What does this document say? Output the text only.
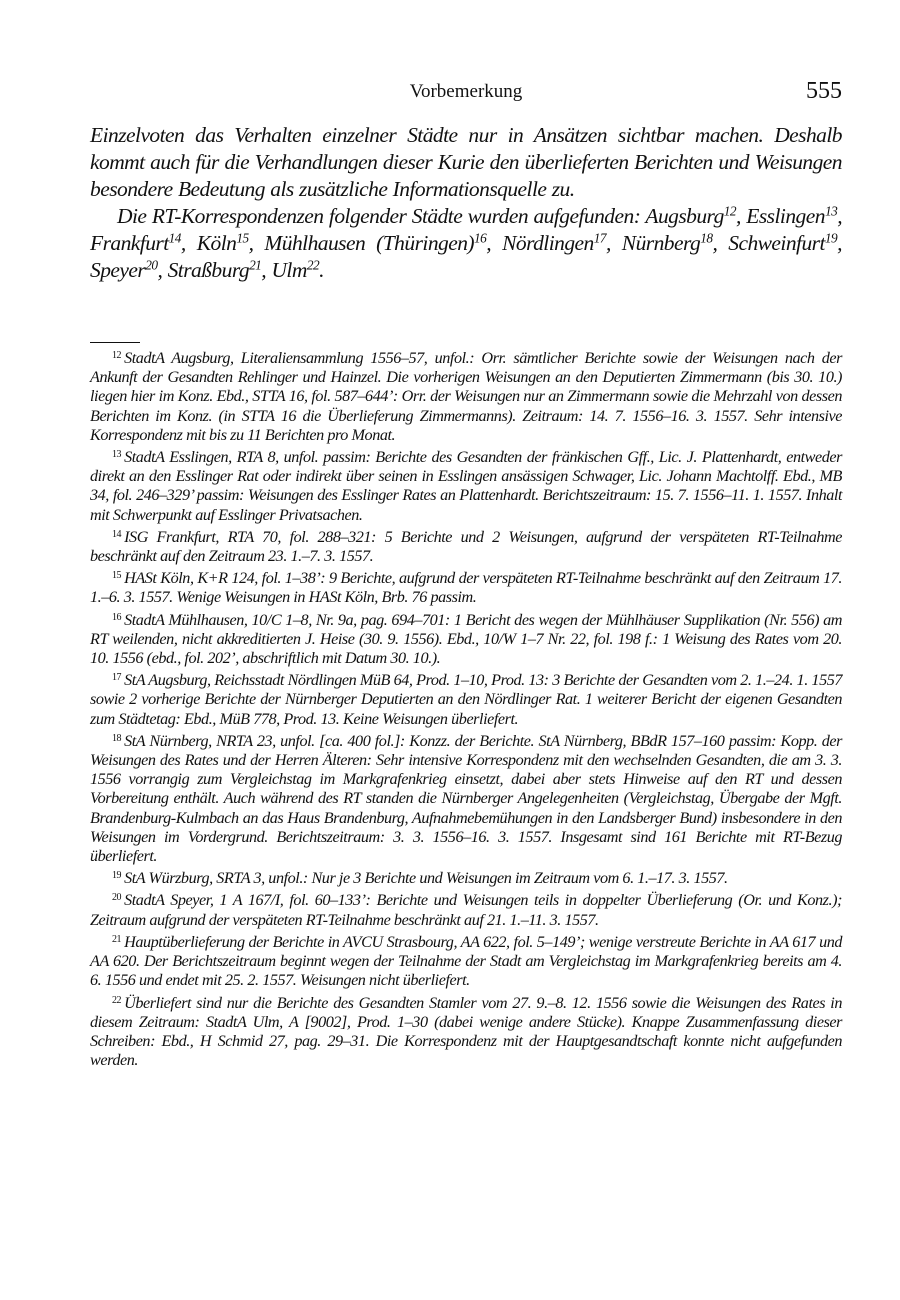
Vorbemerkung	555

Einzelvoten das Verhalten einzelner Städte nur in Ansätzen sichtbar machen. Deshalb kommt auch für die Verhandlungen dieser Kurie den überlieferten Berichten und Weisungen besondere Bedeutung als zusätzliche Informationsquelle zu.

Die RT-Korrespondenzen folgender Städte wurden aufgefunden: Augsburg$^{12}$, Esslingen$^{13}$, Frankfurt$^{14}$, Köln$^{15}$, Mühlhausen (Thüringen)$^{16}$, Nördlingen$^{17}$, Nürnberg$^{18}$, Schweinfurt$^{19}$, Speyer$^{20}$, Straßburg$^{21}$, Ulm$^{22}$.

$^{12}$ StadtA Augsburg, Literaliensammlung 1556–57, unfol.: Orr. sämtlicher Berichte sowie der Weisungen nach der Ankunft der Gesandten Rehlinger und Hainzel. Die vorherigen Weisungen an den Deputierten Zimmermann (bis 30. 10.) liegen hier im Konz. Ebd., STTA 16, fol. 587–644’: Orr. der Weisungen nur an Zimmermann sowie die Mehrzahl von dessen Berichten im Konz. (in STTA 16 die Überlieferung Zimmermanns). Zeitraum: 14. 7. 1556–16. 3. 1557. Sehr intensive Korrespondenz mit bis zu 11 Berichten pro Monat.

$^{13}$ StadtA Esslingen, RTA 8, unfol. passim: Berichte des Gesandten der fränkischen Gff., Lic. J. Plattenhardt, entweder direkt an den Esslinger Rat oder indirekt über seinen in Esslingen ansässigen Schwager, Lic. Johann Machtolff. Ebd., MB 34, fol. 246–329’ passim: Weisungen des Esslinger Rates an Plattenhardt. Berichtszeitraum: 15. 7. 1556–11. 1. 1557. Inhalt mit Schwerpunkt auf Esslinger Privatsachen.

$^{14}$ ISG Frankfurt, RTA 70, fol. 288–321: 5 Berichte und 2 Weisungen, aufgrund der verspäteten RT-Teilnahme beschränkt auf den Zeitraum 23. 1.–7. 3. 1557.

$^{15}$ HASt Köln, K+R 124, fol. 1–38’: 9 Berichte, aufgrund der verspäteten RT-Teilnahme beschränkt auf den Zeitraum 17. 1.–6. 3. 1557. Wenige Weisungen in HASt Köln, Brb. 76 passim.

$^{16}$ StadtA Mühlhausen, 10/C 1–8, Nr. 9a, pag. 694–701: 1 Bericht des wegen der Mühlhäuser Supplikation (Nr. 556) am RT weilenden, nicht akkreditierten J. Heise (30. 9. 1556). Ebd., 10/W 1–7 Nr. 22, fol. 198 f.: 1 Weisung des Rates vom 20. 10. 1556 (ebd., fol. 202’, abschriftlich mit Datum 30. 10.).

$^{17}$ StA Augsburg, Reichsstadt Nördlingen MüB 64, Prod. 1–10, Prod. 13: 3 Berichte der Gesandten vom 2. 1.–24. 1. 1557 sowie 2 vorherige Berichte der Nürnberger Deputierten an den Nördlinger Rat. 1 weiterer Bericht der eigenen Gesandten zum Städtetag: Ebd., MüB 778, Prod. 13. Keine Weisungen überliefert.

$^{18}$ StA Nürnberg, NRTA 23, unfol. [ca. 400 fol.]: Konzz. der Berichte. StA Nürnberg, BBdR 157–160 passim: Kopp. der Weisungen des Rates und der Herren Älteren: Sehr intensive Korrespondenz mit den wechselnden Gesandten, die am 3. 3. 1556 vorrangig zum Vergleichstag im Markgrafenkrieg einsetzt, dabei aber stets Hinweise auf den RT und dessen Vorbereitung enthält. Auch während des RT standen die Nürnberger Angelegenheiten (Vergleichstag, Übergabe der Mgft. Brandenburg-Kulmbach an das Haus Brandenburg, Aufnahmebemühungen in den Landsberger Bund) insbesondere in den Weisungen im Vordergrund. Berichtszeitraum: 3. 3. 1556–16. 3. 1557. Insgesamt sind 161 Berichte mit RT-Bezug überliefert.

$^{19}$ StA Würzburg, SRTA 3, unfol.: Nur je 3 Berichte und Weisungen im Zeitraum vom 6. 1.–17. 3. 1557.

$^{20}$ StadtA Speyer, 1 A 167/I, fol. 60–133’: Berichte und Weisungen teils in doppelter Überlieferung (Or. und Konz.); Zeitraum aufgrund der verspäteten RT-Teilnahme beschränkt auf 21. 1.–11. 3. 1557.

$^{21}$ Hauptüberlieferung der Berichte in AVCU Strasbourg, AA 622, fol. 5–149’; wenige verstreute Berichte in AA 617 und AA 620. Der Berichtszeitraum beginnt wegen der Teilnahme der Stadt am Vergleichstag im Markgrafenkrieg bereits am 4. 6. 1556 und endet mit 25. 2. 1557. Weisungen nicht überliefert.

$^{22}$ Überliefert sind nur die Berichte des Gesandten Stamler vom 27. 9.–8. 12. 1556 sowie die Weisungen des Rates in diesem Zeitraum: StadtA Ulm, A [9002], Prod. 1–30 (dabei wenige andere Stücke). Knappe Zusammenfassung dieser Schreiben: Ebd., H Schmid 27, pag. 29–31. Die Korrespondenz mit der Hauptgesandtschaft konnte nicht aufgefunden werden.
